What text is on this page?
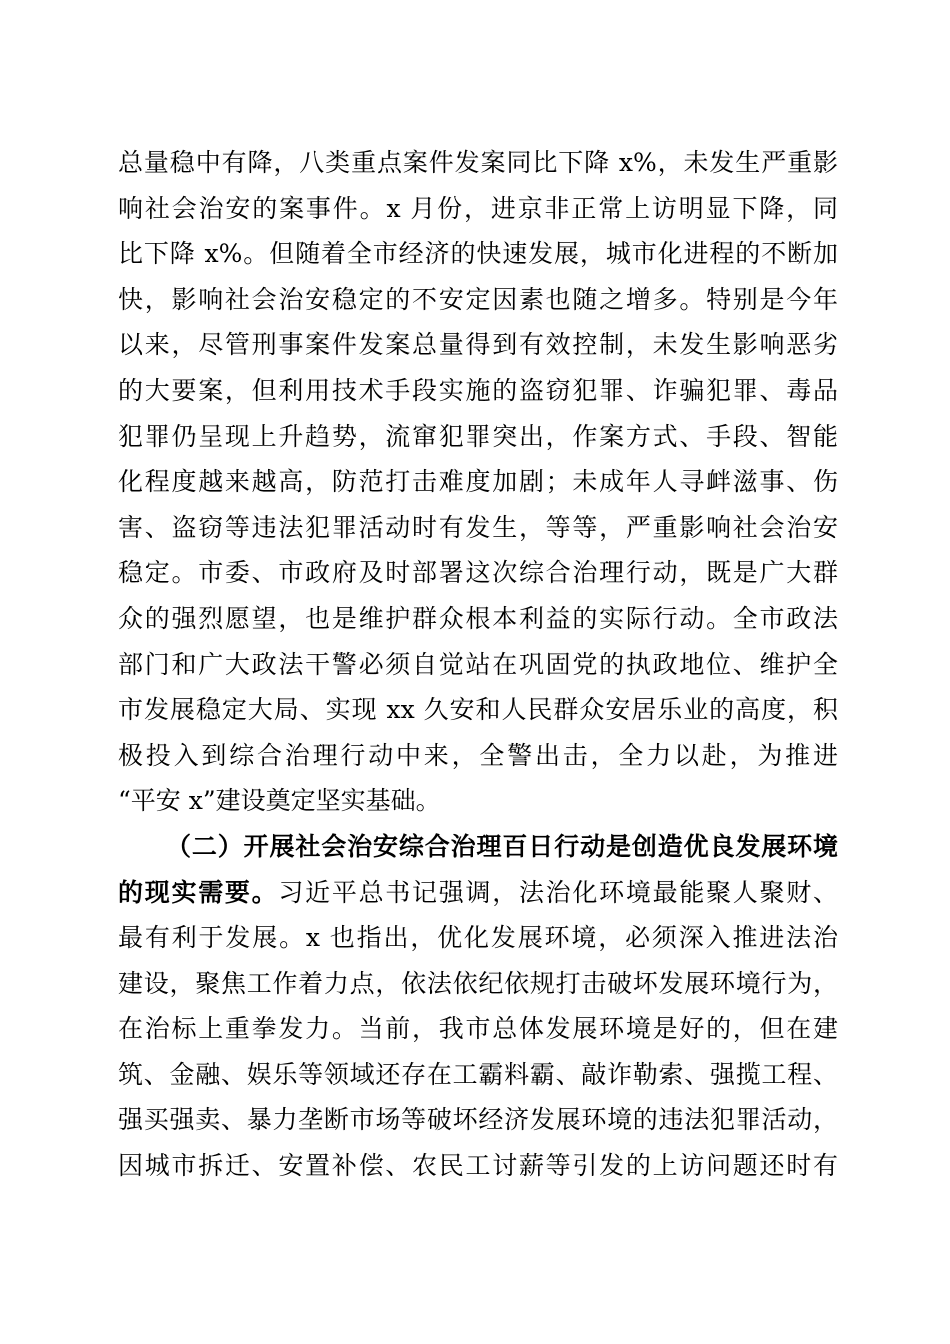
总量稳中有降，八类重点案件发案同比下降 x%，未发生严重影
响社会治安的案事件。x 月份，进京非正常上访明显下降，同
比下降 x%。但随着全市经济的快速发展，城市化进程的不断加
快，影响社会治安稳定的不安定因素也随之增多。特别是今年
以来，尽管刑事案件发案总量得到有效控制，未发生影响恶劣
的大要案，但利用技术手段实施的盗窃犯罪、诈骗犯罪、毒品
犯罪仍呈现上升趋势，流窜犯罪突出，作案方式、手段、智能
化程度越来越高，防范打击难度加剧；未成年人寻衅滋事、伤
害、盗窃等违法犯罪活动时有发生，等等，严重影响社会治安
稳定。市委、市政府及时部署这次综合治理行动，既是广大群
众的强烈愿望，也是维护群众根本利益的实际行动。全市政法
部门和广大政法干警必须自觉站在巩固党的执政地位、维护全
市发展稳定大局、实现 xx 久安和人民群众安居乐业的高度，积
极投入到综合治理行动中来，全警出击，全力以赴，为推进
“平安 x”建设奠定坚实基础。
（二）开展社会治安综合治理百日行动是创造优良发展环境
的现实需要。习近平总书记强调，法治化环境最能聚人聚财、
最有利于发展。x 也指出，优化发展环境，必须深入推进法治
建设，聚焦工作着力点，依法依纪依规打击破坏发展环境行为，
在治标上重拳发力。当前，我市总体发展环境是好的，但在建
筑、金融、娱乐等领域还存在工霸料霸、敲诈勒索、强揽工程、
强买强卖、暴力垄断市场等破坏经济发展环境的违法犯罪活动，
因城市拆迁、安置补偿、农民工讨薪等引发的上访问题还时有
